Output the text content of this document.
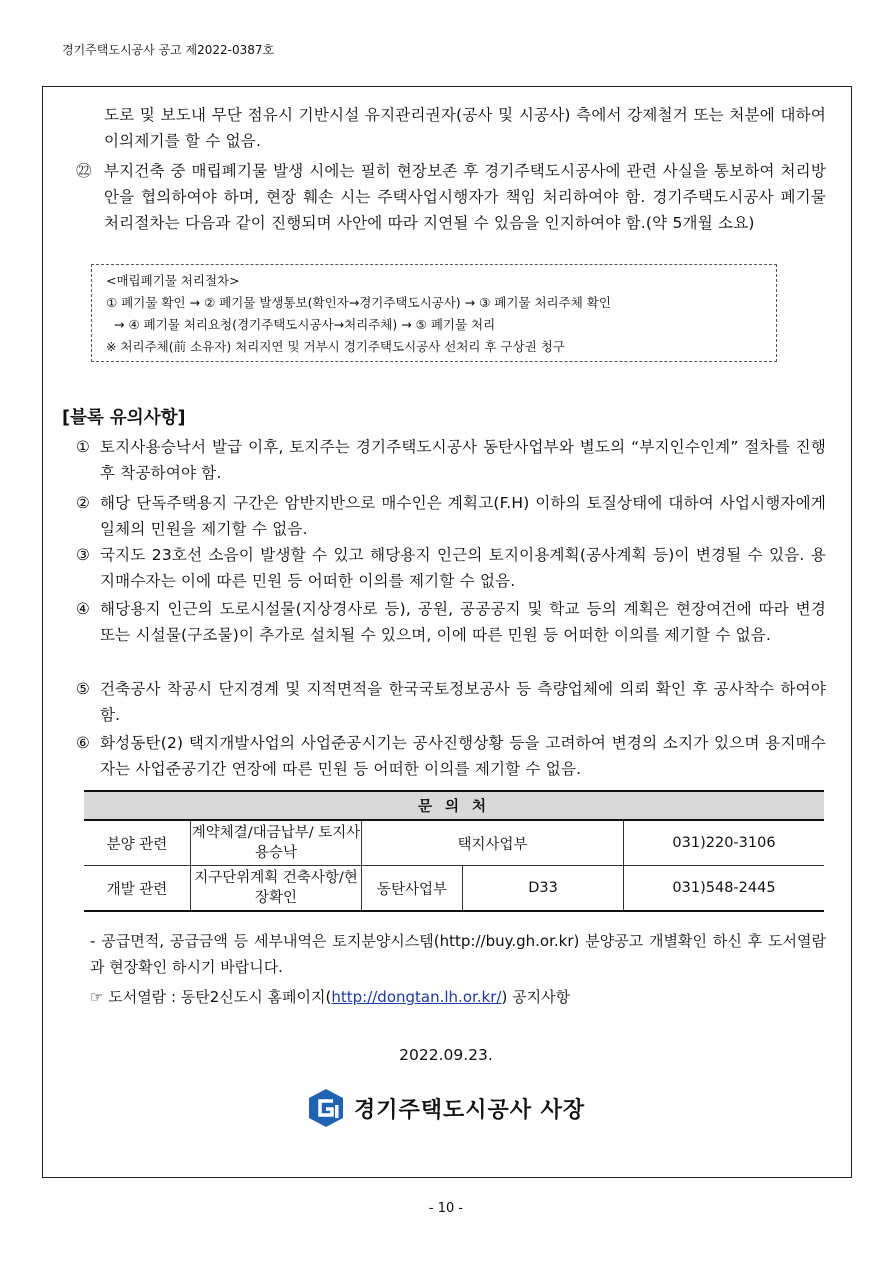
경기주택도시공사 공고 제2022-0387호
도로 및 보도내 무단 점유시 기반시설 유지관리권자(공사 및 시공사) 측에서 강제철거 또는 처분에 대하여 이의제기를 할 수 없음.
㉒ 부지건축 중 매립폐기물 발생 시에는 필히 현장보존 후 경기주택도시공사에 관련 사실을 통보하여 처리방안을 협의하여야 하며, 현장 훼손 시는 주택사업시행자가 책임 처리하여야 함. 경기주택도시공사 폐기물 처리절차는 다음과 같이 진행되며 사안에 따라 지연될 수 있음을 인지하여야 함.(약 5개월 소요)
<매립폐기물 처리절차>
① 폐기물 확인 → ② 폐기물 발생통보(확인자→경기주택도시공사) → ③ 폐기물 처리주체 확인
→ ④ 폐기물 처리요청(경기주택도시공사→처리주체) → ⑤ 폐기물 처리
※ 처리주체(前 소유자) 처리지연 및 거부시 경기주택도시공사 선처리 후 구상권 청구
[블록 유의사항]
① 토지사용승낙서 발급 이후, 토지주는 경기주택도시공사 동탄사업부와 별도의 “부지인수인계” 절차를 진행 후 착공하여야 함.
② 해당 단독주택용지 구간은 암반지반으로 매수인은 계획고(F.H) 이하의 토질상태에 대하여 사업시행자에게 일체의 민원을 제기할 수 없음.
③ 국지도 23호선 소음이 발생할 수 있고 해당용지 인근의 토지이용계획(공사계획 등)이 변경될 수 있음. 용지매수자는 이에 따른 민원 등 어떠한 이의를 제기할 수 없음.
④ 해당용지 인근의 도로시설물(지상경사로 등), 공원, 공공공지 및 학교 등의 계획은 현장여건에 따라 변경 또는 시설물(구조물)이 추가로 설치될 수 있으며, 이에 따른 민원 등 어떠한 이의를 제기할 수 없음.
⑤ 건축공사 착공시 단지경계 및 지적면적을 한국국토정보공사 등 측량업체에 의뢰 확인 후 공사착수 하여야 함.
⑥ 화성동탄(2) 택지개발사업의 사업준공시기는 공사진행상황 등을 고려하여 변경의 소지가 있으며 용지매수자는 사업준공기간 연장에 따른 민원 등 어떠한 이의를 제기할 수 없음.
문 의 처				
분양 관련	계약체결/대금납부/ 토지사용승낙	택지사업부		031)220-3106
개발 관련	지구단위계획 건축사항/현장확인	동탄사업부	D33	031)548-2445
- 공급면적, 공급금액 등 세부내역은 토지분양시스템(http://buy.gh.or.kr) 분양공고 개별확인 하신 후 도서열람과 현장확인 하시기 바랍니다.
☞ 도서열람 : 동탄2신도시 홈페이지(http://dongtan.lh.or.kr/) 공지사항
2022.09.23.
경기주택도시공사 사장
- 10 -
